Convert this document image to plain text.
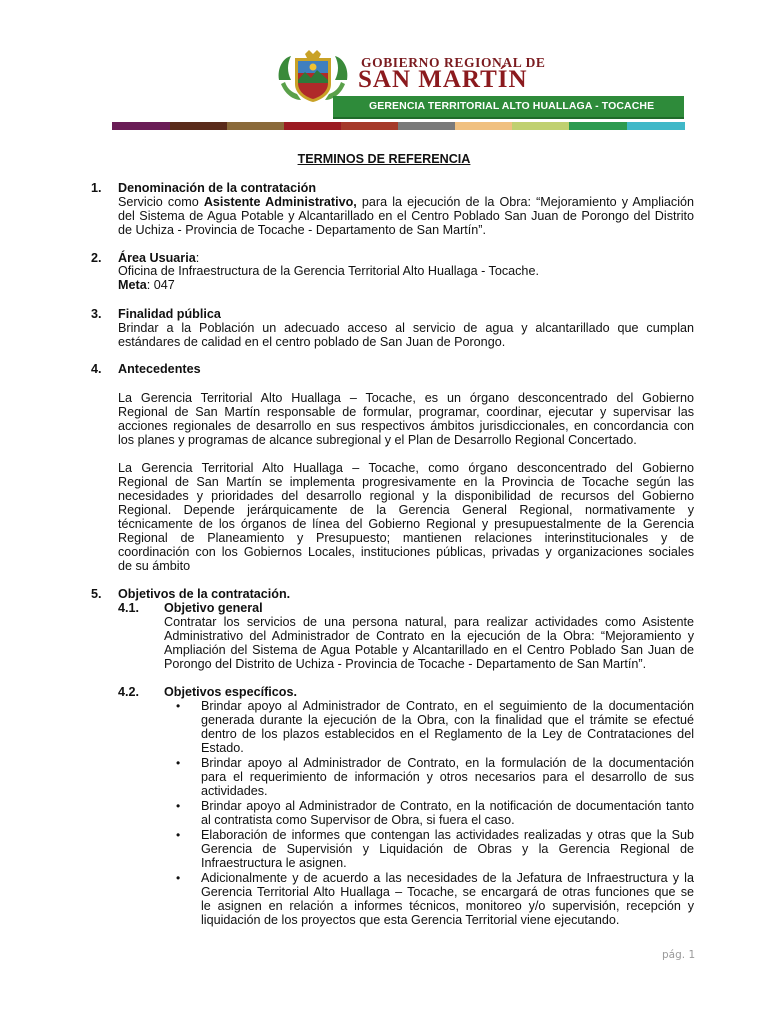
GOBIERNO REGIONAL DE
SAN MARTÍN
GERENCIA TERRITORIAL ALTO HUALLAGA - TOCACHE
TERMINOS DE REFERENCIA
1. Denominación de la contratación
Servicio como Asistente Administrativo, para la ejecución de la Obra: “Mejoramiento y Ampliación
del Sistema de Agua Potable y Alcantarillado en el Centro Poblado San Juan de Porongo del Distrito
de Uchiza - Provincia de Tocache - Departamento de San Martín”.
2. Área Usuaria:
Oficina de Infraestructura de la Gerencia Territorial Alto Huallaga - Tocache.
Meta: 047
3. Finalidad pública
Brindar a la Población un adecuado acceso al servicio de agua y alcantarillado que cumplan
estándares de calidad en el centro poblado de San Juan de Porongo.
4. Antecedentes
La Gerencia Territorial Alto Huallaga – Tocache, es un órgano desconcentrado del Gobierno
Regional de San Martín responsable de formular, programar, coordinar, ejecutar y supervisar las
acciones regionales de desarrollo en sus respectivos ámbitos jurisdiccionales, en concordancia con
los planes y programas de alcance subregional y el Plan de Desarrollo Regional Concertado.
La Gerencia Territorial Alto Huallaga – Tocache, como órgano desconcentrado del Gobierno
Regional de San Martín se implementa progresivamente en la Provincia de Tocache según las
necesidades y prioridades del desarrollo regional y la disponibilidad de recursos del Gobierno
Regional. Depende jerárquicamente de la Gerencia General Regional, normativamente y
técnicamente de los órganos de línea del Gobierno Regional y presupuestalmente de la Gerencia
Regional de Planeamiento y Presupuesto; mantienen relaciones interinstitucionales y de
coordinación con los Gobiernos Locales, instituciones públicas, privadas y organizaciones sociales
de su ámbito
5. Objetivos de la contratación.
4.1. Objetivo general
Contratar los servicios de una persona natural, para realizar actividades como Asistente
Administrativo del Administrador de Contrato en la ejecución de la Obra: “Mejoramiento y
Ampliación del Sistema de Agua Potable y Alcantarillado en el Centro Poblado San Juan de
Porongo del Distrito de Uchiza - Provincia de Tocache - Departamento de San Martín”.
4.2. Objetivos específicos.
• Brindar apoyo al Administrador de Contrato, en el seguimiento de la documentación
generada durante la ejecución de la Obra, con la finalidad que el trámite se efectué
dentro de los plazos establecidos en el Reglamento de la Ley de Contrataciones del
Estado.
• Brindar apoyo al Administrador de Contrato, en la formulación de la documentación
para el requerimiento de información y otros necesarios para el desarrollo de sus
actividades.
• Brindar apoyo al Administrador de Contrato, en la notificación de documentación tanto
al contratista como Supervisor de Obra, si fuera el caso.
• Elaboración de informes que contengan las actividades realizadas y otras que la Sub
Gerencia de Supervisión y Liquidación de Obras y la Gerencia Regional de
Infraestructura le asignen.
• Adicionalmente y de acuerdo a las necesidades de la Jefatura de Infraestructura y la
Gerencia Territorial Alto Huallaga – Tocache, se encargará de otras funciones que se
le asignen en relación a informes técnicos, monitoreo y/o supervisión, recepción y
liquidación de los proyectos que esta Gerencia Territorial viene ejecutando.
pág. 1
